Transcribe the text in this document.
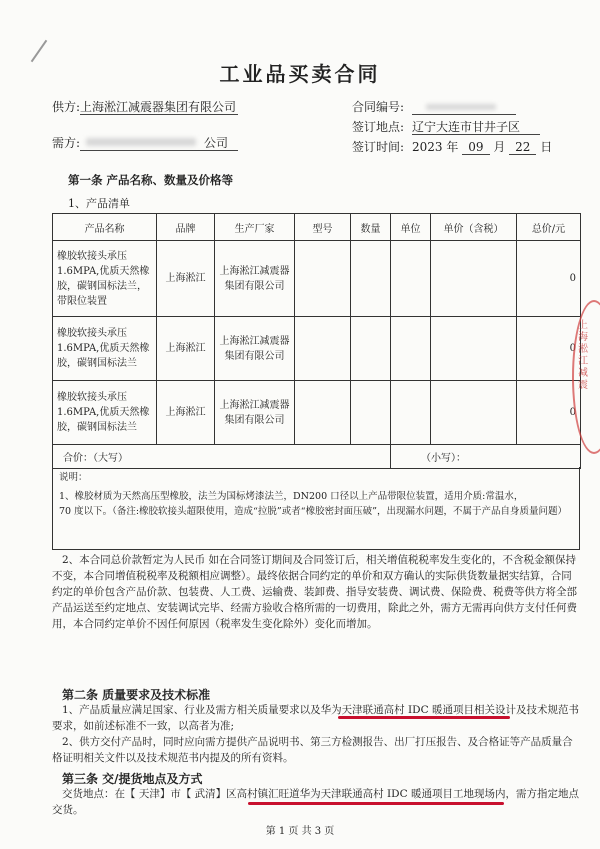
工业品买卖合同
供方: 上海淞江减震器集团有限公司
需方:	公司
合同编号:
签订地点: 辽宁大连市甘井子区
签订时间: 2023 年 09 月 22 日
第一条 产品名称、数量及价格等
1、产品清单
产品名称	品牌	生产厂家	型号	数量	单位	单价（含税）	总价/元
橡胶软接头承压 1.6MPA,优质天然橡胶，碳钢国标法兰，带限位装置	上海淞江	上海淞江减震器集团有限公司					0
橡胶软接头承压 1.6MPA,优质天然橡胶，碳钢国标法兰	上海淞江	上海淞江减震器集团有限公司					0
橡胶软接头承压 1.6MPA,优质天然橡胶，碳钢国标法兰	上海淞江	上海淞江减震器集团有限公司					0
合价：（大写）					（小写）：		
说明：
1、橡胶材质为天然高压型橡胶，法兰为国标烤漆法兰，DN200 口径以上产品带限位装置，适用介质:常温水，
70 度以下。（备注:橡胶软接头超限使用，造成“拉脱”或者“橡胶密封面压破”，出现漏水问题，不属于产品自身质量问题）
2、本合同总价款暂定为人民币 如在合同签订期间及合同签订后，相关增值税税率发生变化的，不含税金额保持不变，本合同增值税税率及税额相应调整）。最终依据合同约定的单价和双方确认的实际供货数量据实结算，合同约定的单价包含产品价款、包装费、人工费、运输费、装卸费、指导安装费、调试费、保险费、税费等供方将全部产品运送至约定地点、安装调试完毕、经需方验收合格所需的一切费用，除此之外，需方无需再向供方支付任何费用，本合同约定单价不因任何原因（税率发生变化除外）变化而增加。
第二条 质量要求及技术标准
1、产品质量应满足国家、行业及需方相关质量要求以及华为天津联通高村 IDC 暖通项目相关设计及技术规范书要求，如前述标准不一致，以高者为准;
2、供方交付产品时，同时应向需方提供产品说明书、第三方检测报告、出厂打压报告、及合格证等产品质量合格证明相关文件以及技术规范书内提及的所有资料。
第三条 交/提货地点及方式
交货地点：在【 天津】市【 武清】区高村镇汇旺道华为天津联通高村 IDC 暖通项目工地现场内，需方指定地点交货。
第 1 页 共 3 页
上海淞江减震
